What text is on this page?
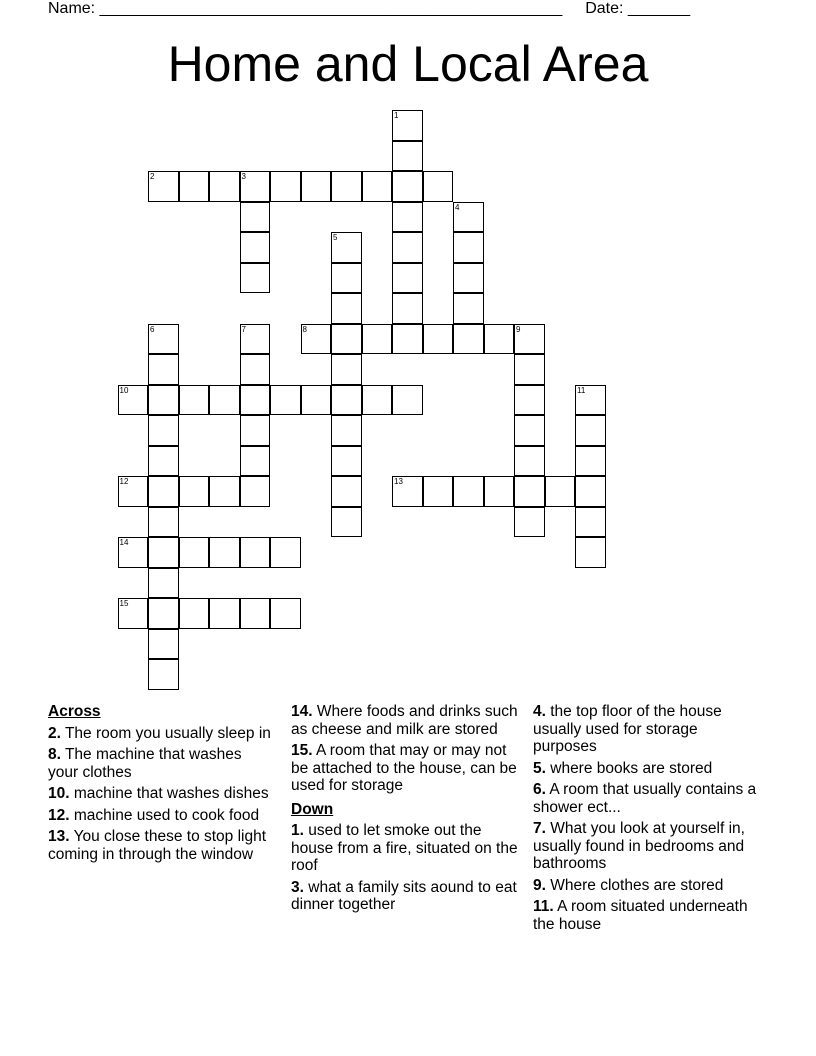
Name: ____________________________________________________ Date: _______
Home and Local Area
1
2	3
4
5
6	7	8	9
10	11
12	13
14
15
Across
2. The room you usually sleep in
8. The machine that washes your clothes
10. machine that washes dishes
12. machine used to cook food
13. You close these to stop light coming in through the window
14. Where foods and drinks such as cheese and milk are stored
15. A room that may or may not be attached to the house, can be used for storage
Down
1. used to let smoke out the house from a fire, situated on the roof
3. what a family sits aound to eat dinner together
4. the top floor of the house usually used for storage purposes
5. where books are stored
6. A room that usually contains a shower ect...
7. What you look at yourself in, usually found in bedrooms and bathrooms
9. Where clothes are stored
11. A room situated underneath the house
